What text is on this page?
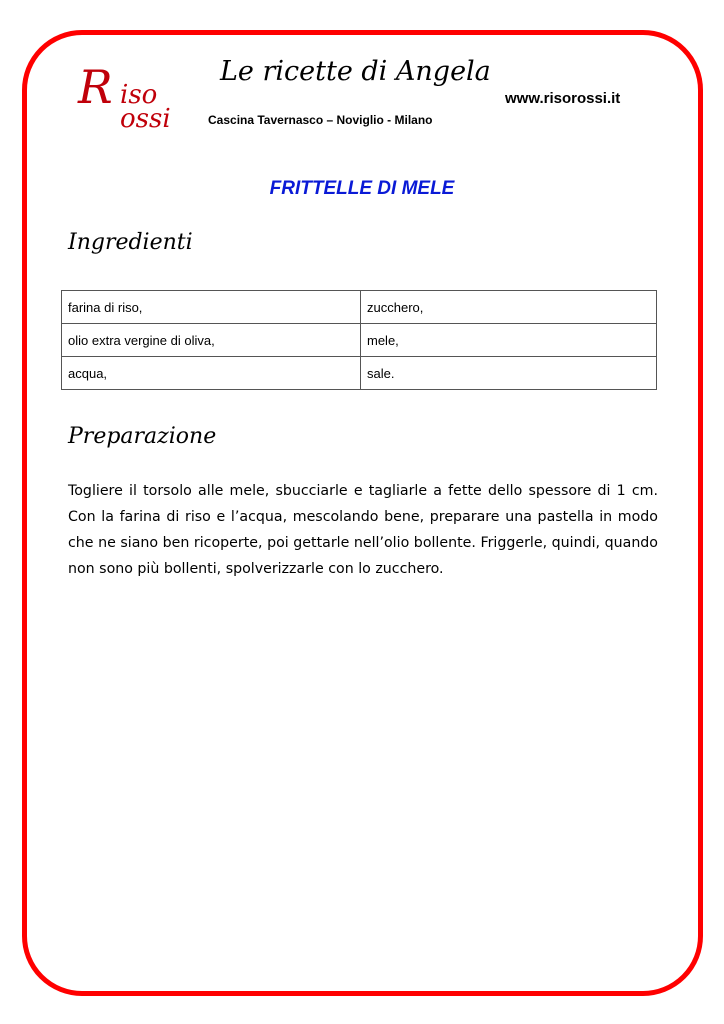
R iso
ossi
Le ricette di Angela
Cascina Tavernasco – Noviglio - Milano
www.risorossi.it
FRITTELLE DI MELE
Ingredienti
farina di riso,	zucchero,
olio extra vergine di oliva,	mele,
acqua,	sale.
Preparazione
Togliere il torsolo alle mele, sbucciarle e tagliarle a fette dello spessore di 1 cm. Con la farina di riso e l’acqua, mescolando bene, preparare una pastella in modo che ne siano ben ricoperte, poi gettarle nell’olio bollente. Friggerle, quindi, quando non sono più bollenti, spolverizzarle con lo zucchero.
